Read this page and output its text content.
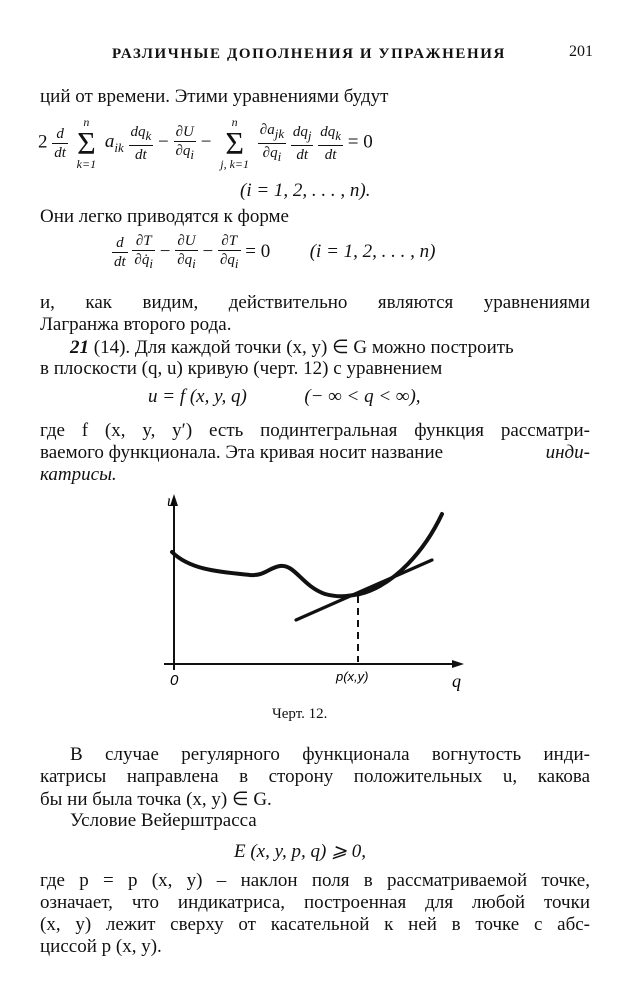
РАЗЛИЧНЫЕ ДОПОЛНЕНИЯ И УПРАЖНЕНИЯ	201
ций от времени. Этими уравнениями будут
$2 \frac{d}{dt}$
n
Σ
k=1 $a_{ik} \frac{dq_k}{dt} - \frac{\partial U}{\partial q_i} - n$
Σ
j, $k=1 \frac{\partial a_{jk}}{\partial q_i}$
$\frac{dq_j}{dt}$
$\frac{dq_k}{dt} = 0$
(i = 1, 2, . . . , n).
Они легко приводятся к форме
$\frac{d}{dt}$
$\frac{\partial T}{\partial q̇_i} - \frac{\partial U}{\partial q_i} - \frac{\partial T}{\partial q_i} = 0$ (i = 1, 2, . . . , n)
и, как видим, действительно являются уравнениями
Лагранжа второго рода.
21 (14). Для каждой точки (x, y) ∈ G можно построить
в плоскости (q, u) кривую (черт. 12) с уравнением
u = f (x, y, q)	(− ∞ < q < ∞),
где f (x, y, y′) есть подинтегральная функция рассматри-
ваемого функционала. Эта кривая носит название	инди-
катрисы.
u
q
0	p(x,y)
Черт. 12.
В случае регулярного функционала вогнутость инди-
катрисы направлена в сторону положительных u, какова
бы ни была точка (x, y) ∈ G.
Условие Вейерштрасса
E (x, y, p, q) ⩾ 0,
где p = p (x, y) – наклон поля в рассматриваемой точке,
означает, что индикатриса, построенная для любой точки
(x, y) лежит сверху от касательной к ней в точке с абс-
циссой p (x, y).
